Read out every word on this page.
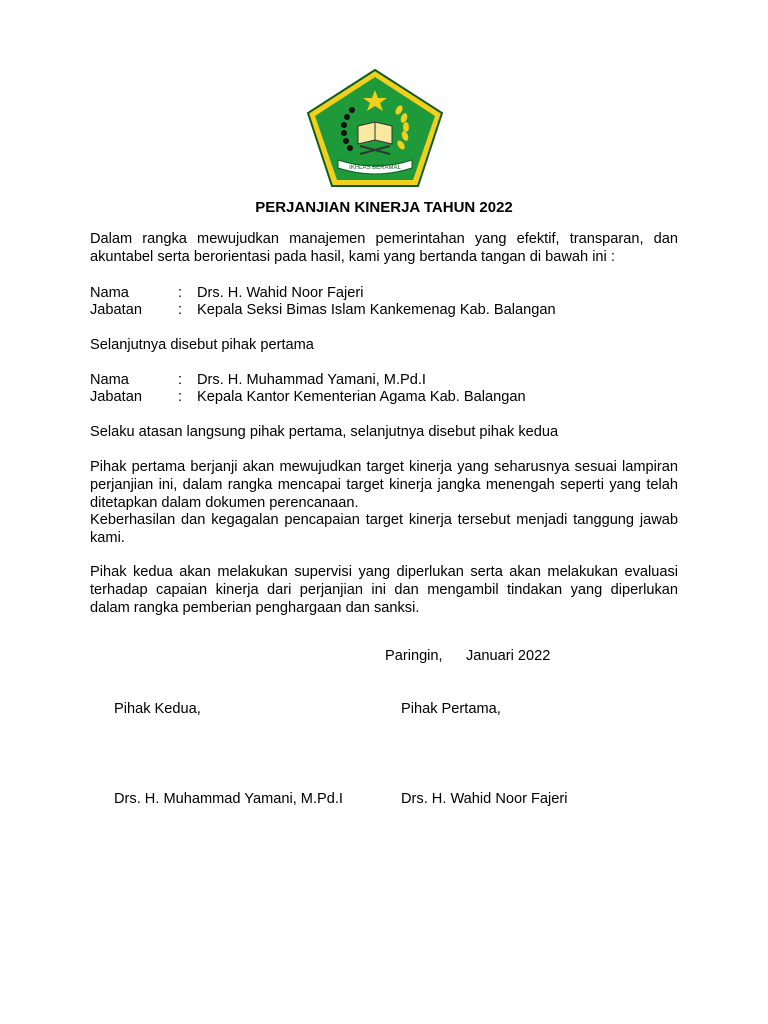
IKHLAS BERAMAL
PERJANJIAN KINERJA TAHUN 2022
Dalam rangka mewujudkan manajemen pemerintahan yang efektif, transparan, dan akuntabel serta berorientasi pada hasil, kami yang bertanda tangan di bawah ini :
Nama	: Drs. H. Wahid Noor Fajeri
Jabatan : Kepala Seksi Bimas Islam Kankemenag Kab. Balangan
Selanjutnya disebut pihak pertama
Nama	: Drs. H. Muhammad Yamani, M.Pd.I
Jabatan : Kepala Kantor Kementerian Agama Kab. Balangan
Selaku atasan langsung pihak pertama, selanjutnya disebut pihak kedua
Pihak pertama berjanji akan mewujudkan target kinerja yang seharusnya sesuai lampiran perjanjian ini, dalam rangka mencapai target kinerja jangka menengah seperti yang telah ditetapkan dalam dokumen perencanaan.
Keberhasilan dan kegagalan pencapaian target kinerja tersebut menjadi tanggung jawab kami.
Pihak kedua akan melakukan supervisi yang diperlukan serta akan melakukan evaluasi terhadap capaian kinerja dari perjanjian ini dan mengambil tindakan yang diperlukan dalam rangka pemberian penghargaan dan sanksi.
Paringin, Januari 2022
Pihak Kedua,	Pihak Pertama,
Drs. H. Muhammad Yamani, M.Pd.I	Drs. H. Wahid Noor Fajeri
